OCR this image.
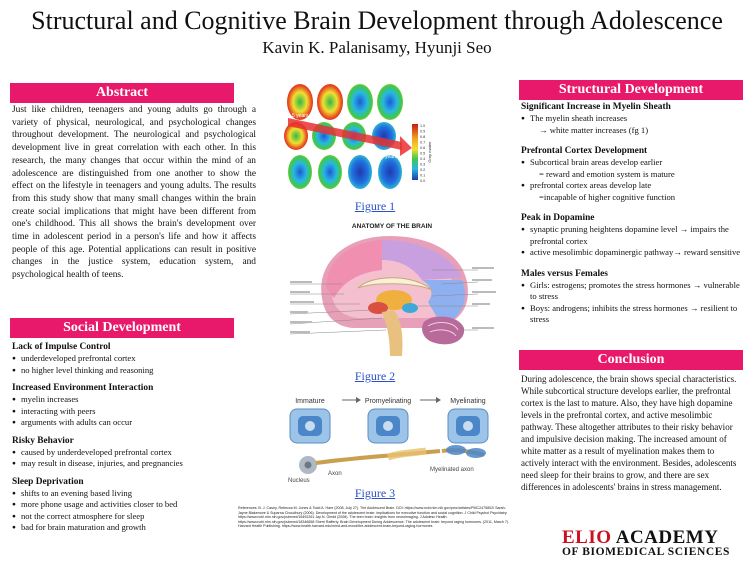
Structural and Cognitive Brain Development through Adolescence
Kavin K. Palanisamy, Hyunji Seo
Abstract
Just like children, teenagers and young adults go through a variety of physical, neurological, and psychological changes throughout development. The neurological and psychological development live in great correlation with each other. In this research, the many changes that occur within the mind of an adolescence are distinguished from one another to show the effect on the lifestyle in teenagers and young adults. The results from this study show that many small changes within the brain create social implications that might have been different from one's childhood. This all shows the brain's development over time in adolescent period in a person's life and how it affects people of this age. Potential applications can result in positive changes in the justice system, education system, and psychological health of teens.
Social Development
Lack of Impulse Control
● underdeveloped prefrontal cortex
● no higher level thinking and reasoning
Increased Environment Interaction
● myelin increases
● interacting with peers
● arguments with adults can occur
Risky Behavior
● caused by underdeveloped prefrontal cortex
● may result in disease, injuries, and pregnancies
Sleep Deprivation
● shifts to an evening based living
● more phone usage and activities closer to bed
● not the correct atmosphere for sleep
● bad for brain maturation and growth
5 years
20 years
1.0
0.9
0.8
0.7
0.6
0.5
0.4
0.3
0.2
0.1
0.0
Gray matter
Figure 1
ANATOMY OF THE BRAIN
Figure 2
Immature	Promyelinating	Myelinating
Nucleus
Axon
Myelinated axon
Figure 3
References: B. J. Casey, Rebecca M. Jones & Todd A. Hare (2008, July 27). The Adolescent Brain. DOI: https://www.ncbi.nlm.nih.gov/pmc/articles/PMC2475802/ Sarah-Jayne Blakemore & Suparna Choudhury (2006). Development of the adolescent brain: implications for executive function and social cognition. J Child Psychol Psychiatry. https://www.ncbi.nlm.nih.gov/pubmed/16492261 Jay N. Giedd (2008). The teen brain: insights from neuroimaging. J Adolesc Health. https://www.ncbi.nlm.nih.gov/pubmed/18346658 Sherri Rafferty. Brain Development During Adolescence. The adolescent brain: beyond raging hormones. (2011, March 7). Harvard Health Publishing. https://www.health.harvard.edu/mind-and-mood/the-adolescent-brain-beyond-raging-hormones
Structural Development
Significant Increase in Myelin Sheath
● The myelin sheath increases
→ white matter increases (fg 1)
Prefrontal Cortex Development
● Subcortical brain areas develop earlier
= reward and emotion system is mature
● prefrontal cortex areas develop late
=incapable of higher cognitive function
Peak in Dopamine
● synaptic pruning heightens dopamine level → impairs the prefrontal cortex
● active mesolimbic dopaminergic pathway→ reward sensitive
Males versus Females
● Girls: estrogens; promotes the stress hormones → vulnerable to stress
● Boys: androgens; inhibits the stress hormones → resilient to stress
Conclusion
During adolescence, the brain shows special characteristics. While subcortical structure develops earlier, the prefrontal cortex is the last to mature. Also, they have high dopamine levels in the prefrontal cortex, and active mesolimbic pathway. These altogether attributes to their risky behavior and impulsive decision making. The increased amount of white matter as a result of myelination makes them to actively interact with the environment. Besides, adolescents need sleep for their brains to grow, and there are sex differences in adolescents' brains in stress management.
ELIO ACADEMY
OF BIOMEDICAL SCIENCES
